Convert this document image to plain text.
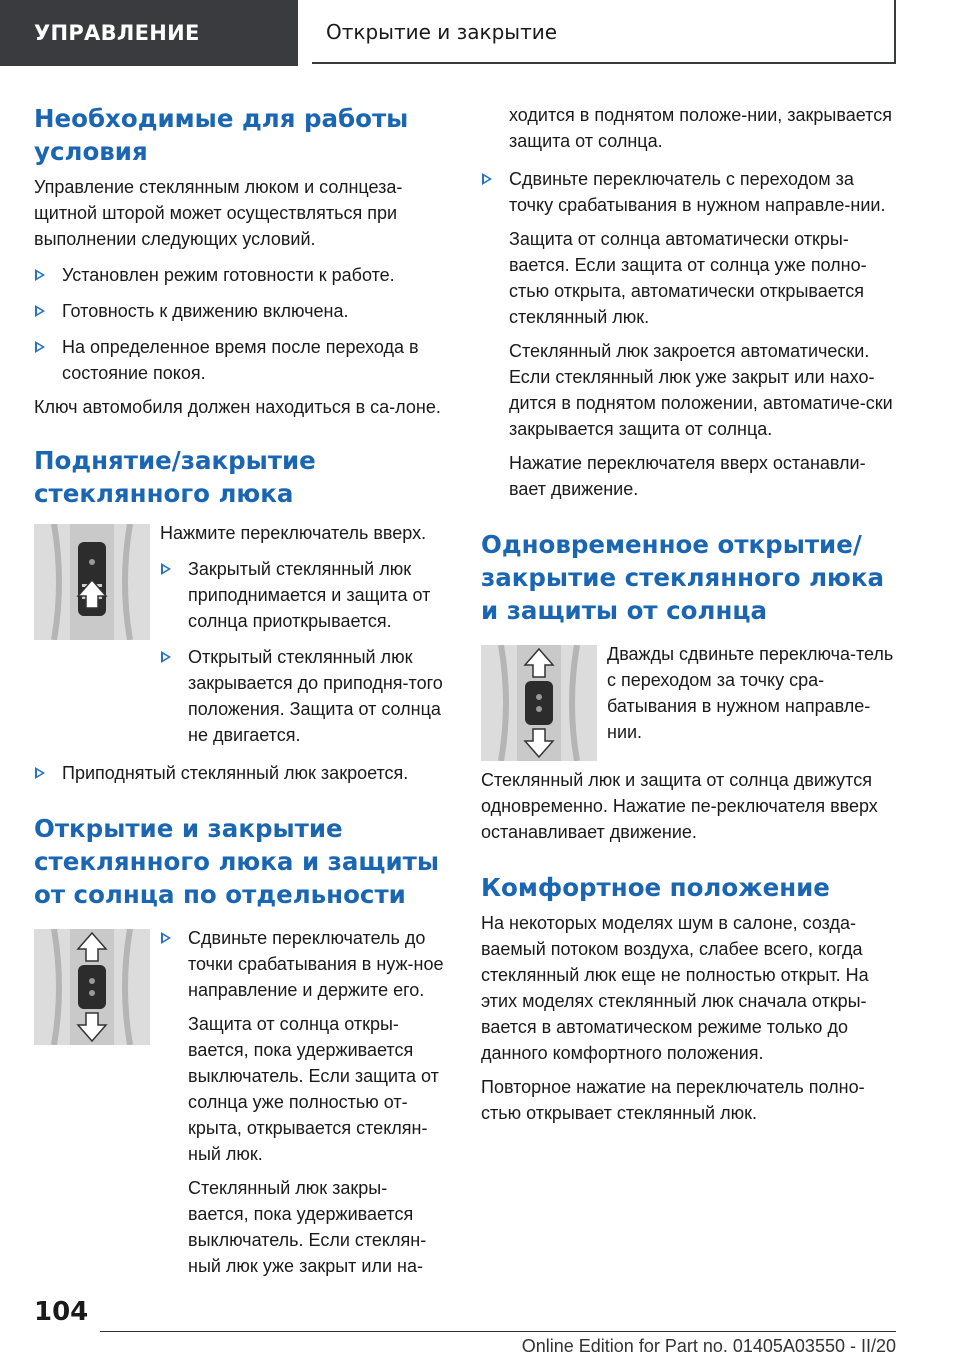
УПРАВЛЕНИЕ	Открытие и закрытие
Необходимые для работы условия

Управление стеклянным люком и солнцеза-щитной шторой может осуществляться при выполнении следующих условий.

Установлен режим готовности к работе.

Готовность к движению включена.

На определенное время после перехода в состояние покоя.

Ключ автомобиля должен находиться в са-лоне.

Поднятие/закрытие стеклянного люка

Нажмите переключатель вверх.

Закрытый стеклянный люк приподнимается и защита от солнца приоткрывается.

Открытый стеклянный люк закрывается до приподня-того положения. Защита от солнца не двигается.

Приподнятый стеклянный люк закроется.

Открытие и закрытие стеклянного люка и защиты от солнца по отдельности

Сдвиньте переключатель до точки срабатывания в нуж-ное направление и держите его.

Защита от солнца откры-вается, пока удерживается выключатель. Если защита от солнца уже полностью от-крыта, открывается стеклян-ный люк.

Стеклянный люк закры-вается, пока удерживается выключатель. Если стеклян-ный люк уже закрыт или на-

ходится в поднятом положе-нии, закрывается защита от солнца.

Сдвиньте переключатель с переходом за точку срабатывания в нужном направле-нии.

Защита от солнца автоматически откры-вается. Если защита от солнца уже полно-стью открыта, автоматически открывается стеклянный люк.

Стеклянный люк закроется автоматически. Если стеклянный люк уже закрыт или нахо-дится в поднятом положении, автоматиче-ски закрывается защита от солнца.

Нажатие переключателя вверх останавли-вает движение.

Одновременное открытие/закрытие стеклянного люка и защиты от солнца

Дважды сдвиньте переключа-тель с переходом за точку сра-батывания в нужном направле-нии.

Стеклянный люк и защита от солнца движутся одновременно. Нажатие пе-реключателя вверх останавливает движение.

Комфортное положение

На некоторых моделях шум в салоне, созда-ваемый потоком воздуха, слабее всего, когда стеклянный люк еще не полностью открыт. На этих моделях стеклянный люк сначала откры-вается в автоматическом режиме только до данного комфортного положения.

Повторное нажатие на переключатель полно-стью открывает стеклянный люк.

104
Online Edition for Part no. 01405A03550 - II/20
